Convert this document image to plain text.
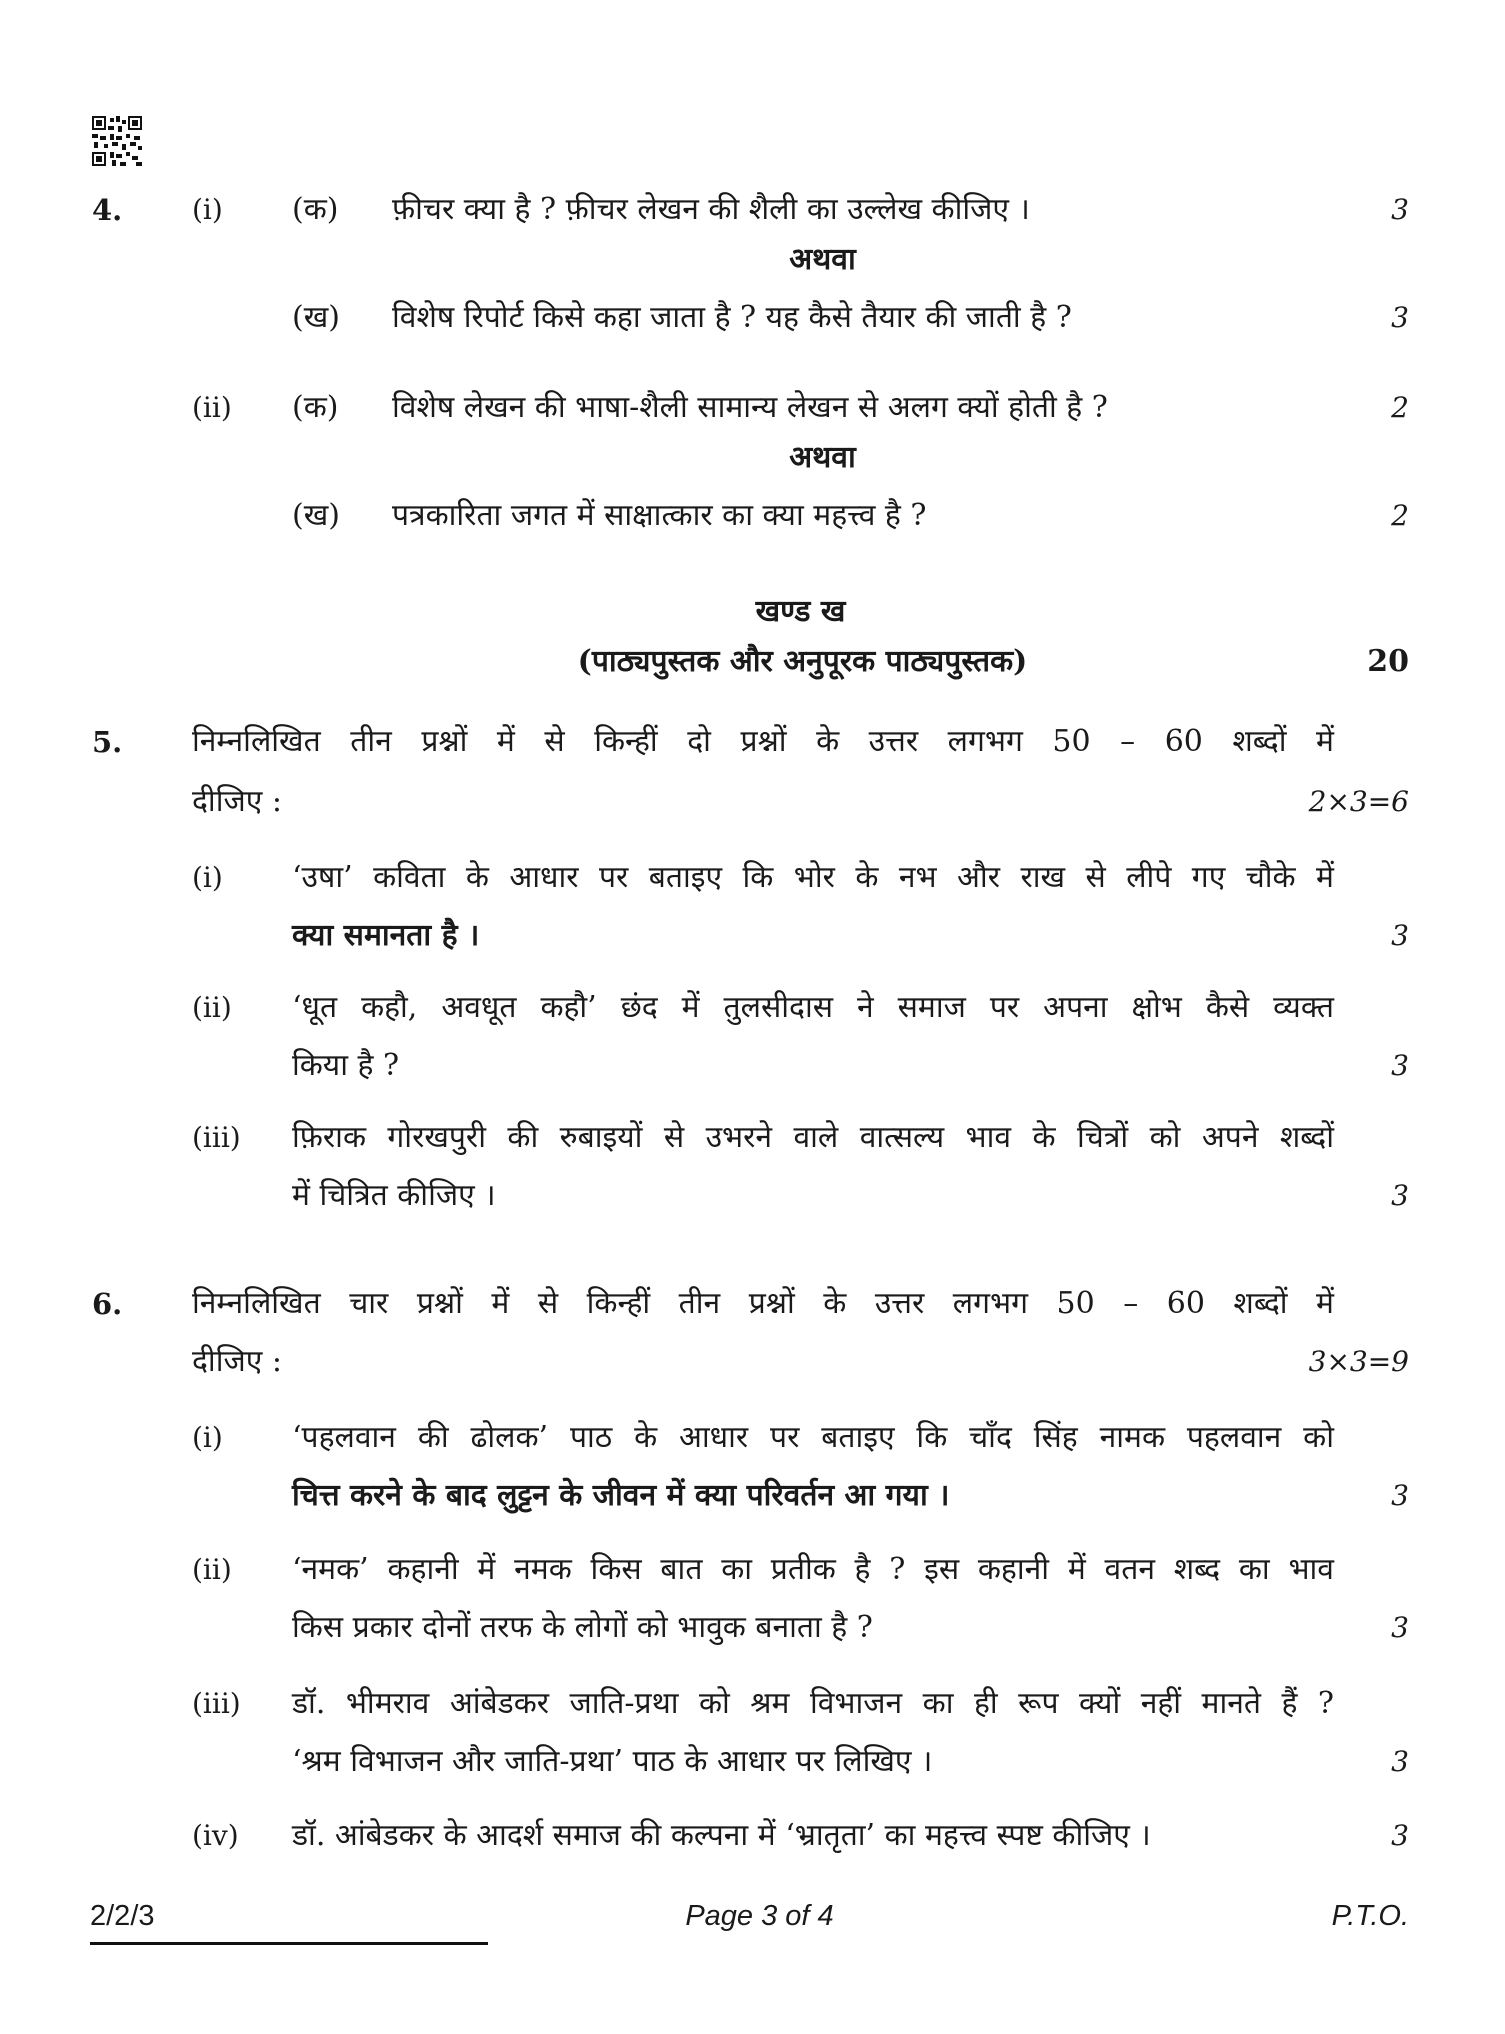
4. (i) (क) फ़ीचर क्या है ? फ़ीचर लेखन की शैली का उल्लेख कीजिए ।	3
अथवा
(ख) विशेष रिपोर्ट किसे कहा जाता है ? यह कैसे तैयार की जाती है ?	3
(ii) (क) विशेष लेखन की भाषा-शैली सामान्य लेखन से अलग क्यों होती है ?	2
अथवा
(ख) पत्रकारिता जगत में साक्षात्कार का क्या महत्त्व है ?	2
खण्ड ख
(पाठ्यपुस्तक और अनुपूरक पाठ्यपुस्तक)	20
5. निम्नलिखित तीन प्रश्नों में से किन्हीं दो प्रश्नों के उत्तर लगभग 50 – 60 शब्दों में
दीजिए :	2×3=6
(i) ‘उषा’ कविता के आधार पर बताइए कि भोर के नभ और राख से लीपे गए चौके में
क्या समानता है ।	3
(ii) ‘धूत कहौ, अवधूत कहौ’ छंद में तुलसीदास ने समाज पर अपना क्षोभ कैसे व्यक्त
किया है ?	3
(iii) फ़िराक गोरखपुरी की रुबाइयों से उभरने वाले वात्सल्य भाव के चित्रों को अपने शब्दों
में चित्रित कीजिए ।	3
6. निम्नलिखित चार प्रश्नों में से किन्हीं तीन प्रश्नों के उत्तर लगभग 50 – 60 शब्दों में
दीजिए :	3×3=9
(i) ‘पहलवान की ढोलक’ पाठ के आधार पर बताइए कि चाँद सिंह नामक पहलवान को
चित्त करने के बाद लुट्टन के जीवन में क्या परिवर्तन आ गया ।	3
(ii) ‘नमक’ कहानी में नमक किस बात का प्रतीक है ? इस कहानी में वतन शब्द का भाव
किस प्रकार दोनों तरफ के लोगों को भावुक बनाता है ?	3
(iii) डॉ. भीमराव आंबेडकर जाति-प्रथा को श्रम विभाजन का ही रूप क्यों नहीं मानते हैं ?
‘श्रम विभाजन और जाति-प्रथा’ पाठ के आधार पर लिखिए ।	3
(iv) डॉ. आंबेडकर के आदर्श समाज की कल्पना में ‘भ्रातृता’ का महत्त्व स्पष्ट कीजिए ।	3
2/2/3	Page 3 of 4	P.T.O.
